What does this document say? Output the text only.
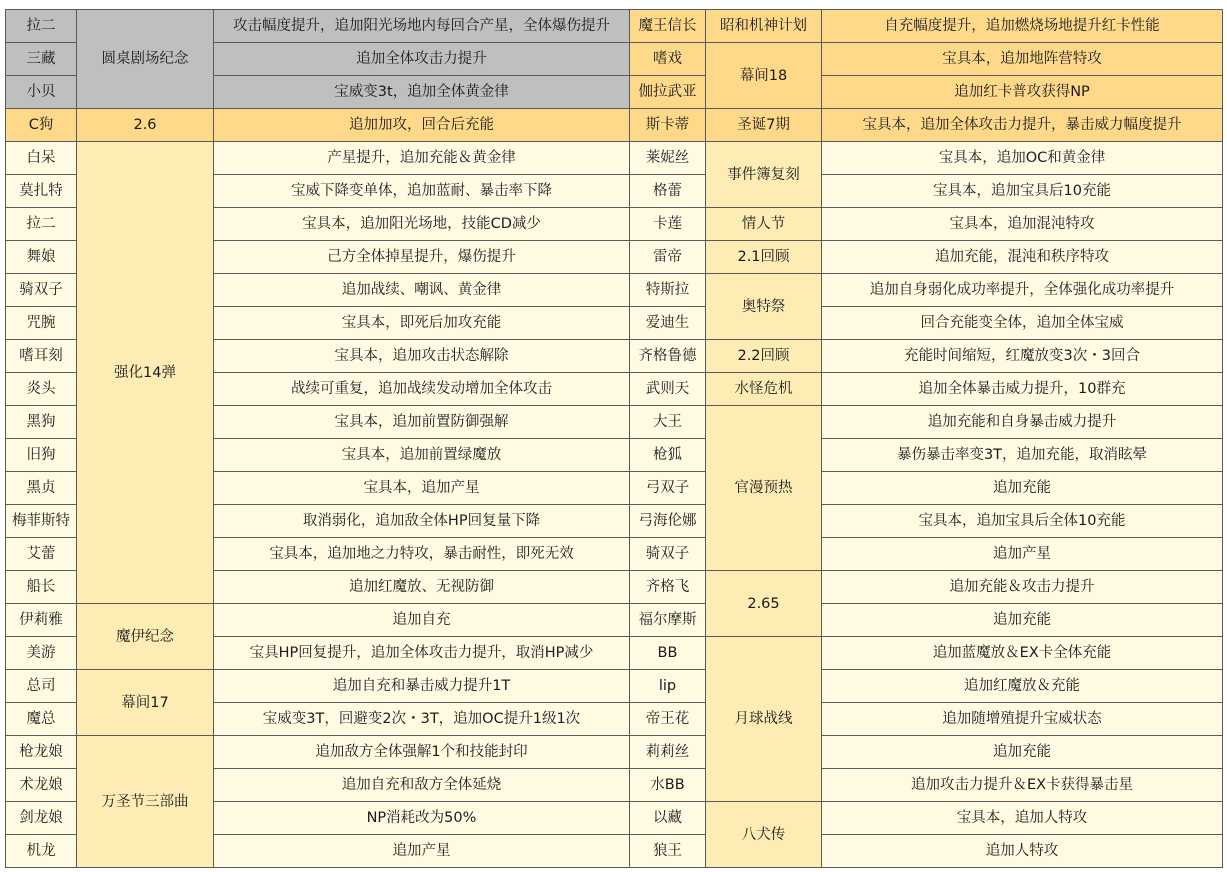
拉二	圆桌剧场纪念	攻击幅度提升，追加阳光场地内每回合产星，全体爆伤提升	魔王信长	昭和机神计划	自充幅度提升，追加燃烧场地提升红卡性能
三藏		追加全体攻击力提升	嗜戏	幕间18	宝具本，追加地阵营特攻
小贝		宝威变3t，追加全体黄金律	伽拉武亚		追加红卡普攻获得NP
C狗	2.6	追加加攻，回合后充能	斯卡蒂	圣诞7期	宝具本，追加全体攻击力提升，暴击威力幅度提升
白呆	强化14弹	产星提升，追加充能＆黄金律	莱妮丝	事件簿复刻	宝具本，追加OC和黄金律
莫扎特		宝威下降变单体，追加蓝耐、暴击率下降	格蕾		宝具本，追加宝具后10充能
拉二		宝具本，追加阳光场地，技能CD减少	卡莲	情人节	宝具本，追加混沌特攻
舞娘		己方全体掉星提升，爆伤提升	雷帝	2.1回顾	追加充能，混沌和秩序特攻
骑双子		追加战续、嘲讽、黄金律	特斯拉	奥特祭	追加自身弱化成功率提升，全体强化成功率提升
咒腕		宝具本，即死后加攻充能	爱迪生		回合充能变全体，追加全体宝威
嗜耳刻		宝具本，追加攻击状态解除	齐格鲁德	2.2回顾	充能时间缩短，红魔放变3次・3回合
炎头		战续可重复，追加战续发动增加全体攻击	武则天	水怪危机	追加全体暴击威力提升，10群充
黑狗		宝具本，追加前置防御强解	大王	官漫预热	追加充能和自身暴击威力提升
旧狗		宝具本，追加前置绿魔放	枪狐		暴伤暴击率变3T，追加充能，取消眩晕
黑贞		宝具本，追加产星	弓双子		追加充能
梅菲斯特		取消弱化，追加敌全体HP回复量下降	弓海伦娜		宝具本，追加宝具后全体10充能
艾蕾		宝具本，追加地之力特攻，暴击耐性，即死无效	骑双子		追加产星
船长		追加红魔放、无视防御	齐格飞	2.65	追加充能＆攻击力提升
伊莉雅	魔伊纪念	追加自充	福尔摩斯		追加充能
美游		宝具HP回复提升，追加全体攻击力提升，取消HP减少	BB	月球战线	追加蓝魔放＆EX卡全体充能
总司	幕间17	追加自充和暴击威力提升1T	lip		追加红魔放＆充能
魔总		宝威变3T，回避变2次・3T，追加OC提升1级1次	帝王花		追加随增殖提升宝威状态
枪龙娘	万圣节三部曲	追加敌方全体强解1个和技能封印	莉莉丝		追加充能
术龙娘		追加自充和敌方全体延烧	水BB		追加攻击力提升＆EX卡获得暴击星
剑龙娘		NP消耗改为50%	以藏	八犬传	宝具本，追加人特攻
机龙		追加产星	狼王		追加人特攻
